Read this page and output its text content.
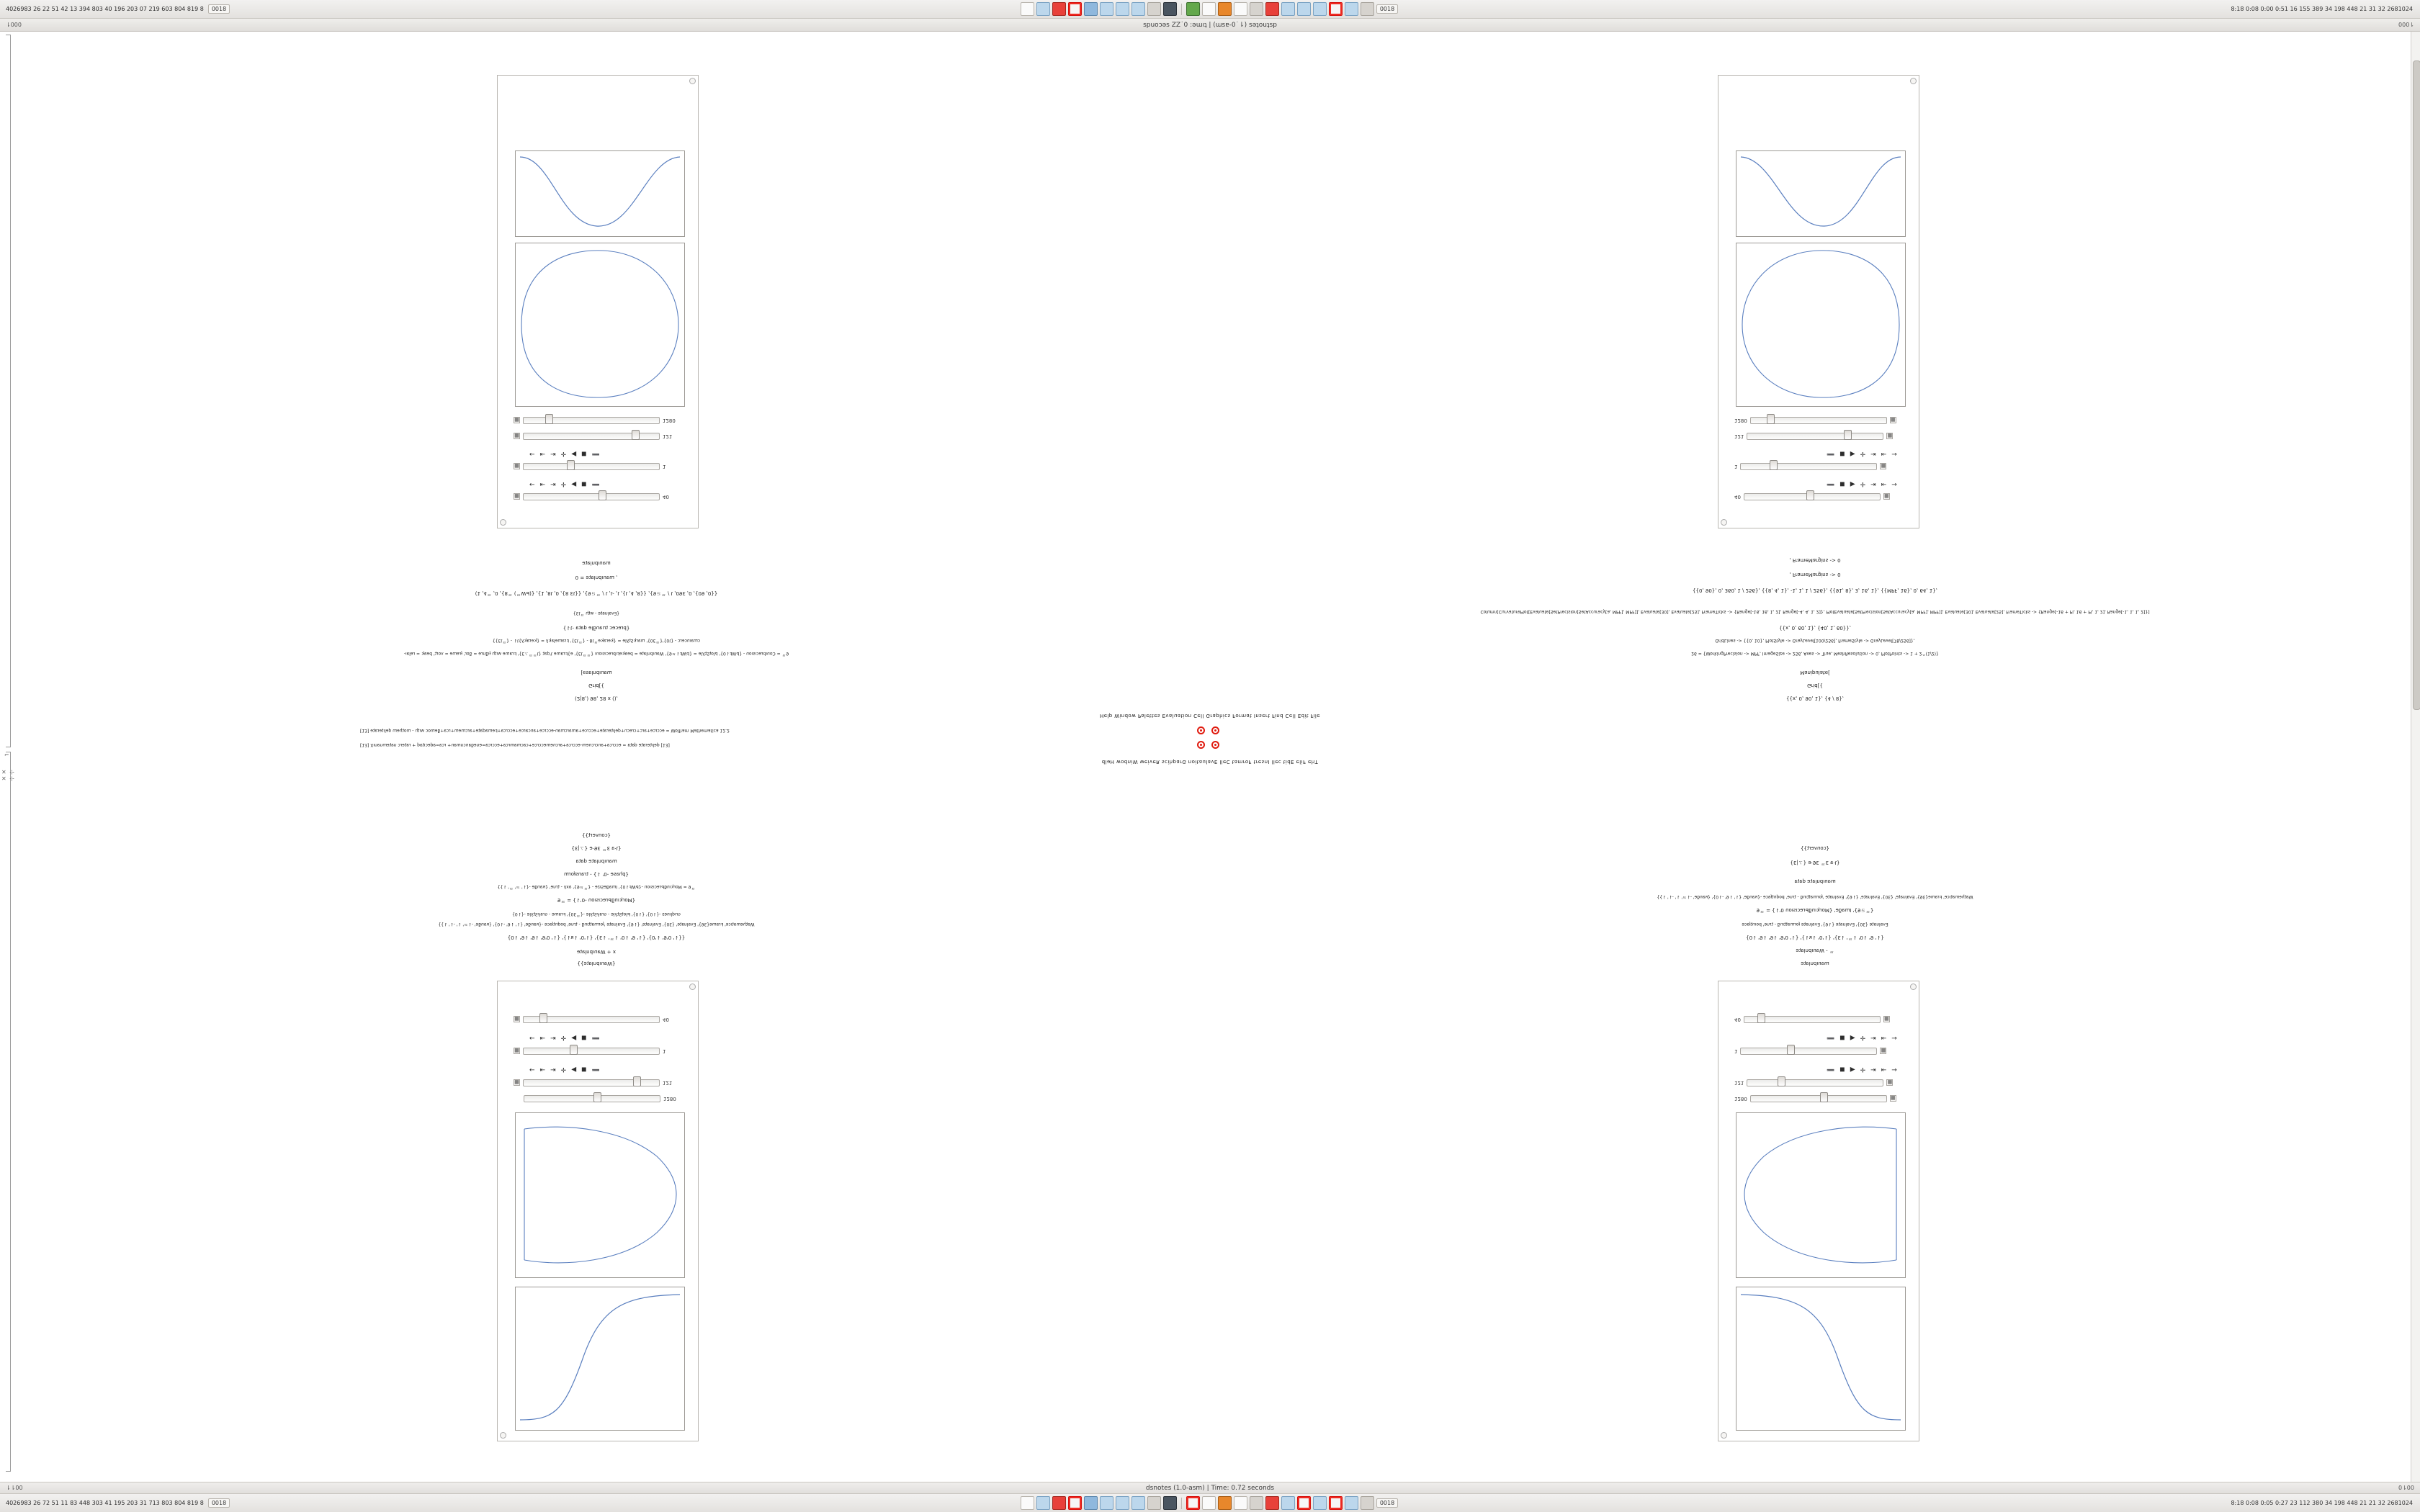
4026983 26 22 51 42 13 394 803 40 196 203 07 219 603 804 819 8	0018	0018	8:18 0:08 0:00 0:51 16 155 389 34 198 448 21 31 32 2681024
⇂000	spuoɔǝs ZZ˙0 :ǝɯıʇ | (ɯsɐ-0˙⇂) sǝʇouʇsp	000⇂
✕ ⊹
✕ ⊹
⌐
▦	40
← ⇤ ⇥ ✛ ◀ ◼ ➖
▦	1
← ⇤ ⇥ ✛ ◀ ◼ ➖
▦	121
▦	1280
40	▦
➖ ◼ ▶ ✛ ⇥ ⇤ →
1	▦
➖ ◼ ▶ ✛ ⇥ ⇤ →
121	▦
1280	▦
1280
▦	121
← ⇤ ⇥ ✛ ◀ ◼ ➖
▦	1
← ⇤ ⇥ ✛ ◀ ◼ ➖
▦	40
1280	▦
121	▦
➖ ◼ ▶ ✛ ⇥ ⇤ →
1	▦
➖ ◼ ▶ ✛ ⇥ ⇤ →
40	▦
{{ǝʇɐlndıuɐW}
ǝʇɐlndıuɐW + x
{0⇂ '9⇂ '9⇂ '9'0 '⇂} '{⇂ᴚ⇂ '0'⇂} '{Ɛ⇂ 'ᄅ⇂ '0⇂ '9 '⇂} '{0'⇂ '9'0 '⇂}}
{{⇂ '⇂- '⇂ 'ㄹ⇂- 'ǝƃuɐᴚ} '{0⇂- '9⇂ '⇂} 'ǝƃuɐᴚ}- ǝɔɐɟʇupod 'ǝnɹʇ - ƃuıʇʇɐɯɹoɟ' ǝʇɐnlɐʌƎ '{9⇂} 'ǝʇɐnlɐʌƎ '{0Ɛ} 'ǝʇɐnlɐʌƎ '{9Ɛ}ǝɯɐɹℲ 'ǝɔıʇɐɯǝɥʇɐW
{0⇂}- ǝlʎʇSʎɐɹפ - ǝɯɐɹℲ '{0Ɛᄅ}- ǝlʎʇSʎɐɹפ - ǝlʎʇSʇolԀ '{0⇂} '{0⇂}- sǝuılpıɹפ
9ᄅ = {⇂'0- uoısıɔǝɹԀƃuıʞɹoM}
{{⇂ 'ᄅ 'ㄹ '⇂}- ǝƃuɐᴚ} 'ǝnɹʇ - ʎxɐ '{9ㄹᄅ} - ǝzıSǝƃɐɯI '{0⇂ℲWԀ}- uoısıɔǝɹԀƃuıʞɹoM = 9ᄅ
ɯɹoɟsuɐɹʇ - {⇂ '0- ǝsɐɥd}
ɐʇɐp ǝʇɐlndıuɐɯ
{Ɛ|ㄥ} ǝ·9Ɛ ᄅƐ ɐ·Ɩ}
{{ʇɹǝʌuoɔ}
ǝʇɐlndıuɐɯ
ǝʇɐlndıuɐW - ᄅ
{0⇂ '9⇂ '9⇂ '9'0 '⇂} '{⇂ᴚ⇂ '0'⇂} '{Ɛ⇂ 'ᄅ⇂ '0⇂ '9 '⇂}
ǝɔɐɟʇuıod 'ǝnɹʇ - ƃuıʇʇɐɯɹoɟ ǝʇɐnlɐʌƎ '{9⇂} ǝʇɐnlɐʌƎ '{0Ɛ} ǝʇɐnlɐʌƎ
9ᄅ = {⇂'0 uoısıɔǝɹԀƃuıʞɹoM} 'ǝƃɐɯI '{9ㄹᄅ}
{{⇂ '⇂- '⇂ 'ㄹ⇂- 'ǝƃuɐᴚ} '{0⇂- '9⇂ '⇂} 'ǝƃuɐᴚ}- ǝɔɐɟʇupod 'ǝnɹʇ - ƃuıʇʇɐɯɹoɟ' ǝʇɐnlɐʌƎ '{9⇂} 'ǝʇɐnlɐʌƎ '{0Ɛ} 'ǝʇɐnlɐʌƎ '{9Ɛ}ǝɯɐɹℲ 'ǝɔıʇɐɯǝɥʇɐW
ɐʇɐp ǝʇɐlndıuɐɯ
{Ɛ|ㄥ} ǝ·9Ɛ ᄅƐ ɐ·Ɩ}
{{ʇɹǝʌuoɔ}
dləH wodniW weiveR scihparG noitaulavE lleC tamroF tresnI llec tidE eliF ehT
[13] Xınɐnɯǝʇɐn ɔɹǝʇɐɹ + pɐʇıɔǝpɐ=ɐɔɹ +uɐɯnɔuɐƃǝnǝ=ɐɔɹɔɔǝ+ɐɔɹɯɐɯɔɐɔ+ǝɔɹɔɔǝɯǝuɔɹɐ+ɐɔɹɔɔǝ-ɯǝuɔɹɔuɐ+ɐɔɹɔɔǝ = ɐʇɐp ǝʇɐɹǝʇılǝp [13]
[13] ǝʇɐɹǝʇılǝp ɯǝɥʇoɯ - ɥʇıʍ ɔoɯǝƃ+ɐɔɹ+ɯǝɯɔɹɐ+ǝʇɐpɐɯǝℲ+ɐɔɹɔɔǝ+ǝɔɹɐɔuɐ+ǝɔɹɔɔǝ-uɐɯɔɹɐɯɐ+ǝɔɹɔɔǝ+ǝʇɐɹǝʇılǝp+uɔǝɹɔ+ɔɹɐ+ǝɔɹɔɔǝ = Wolfram Mathematica 12.2
Help Window Palettes Evaluation Cell Graphics Format Insert Find Cell Edit File
(2|8,) 98, 28 x (),
Grid[{
[esɐlndıuɐɯ
-ıɐlǝɹ = ʞɐǝd 'ʇɹoʌ = ǝɯǝɹɟ 'ɹoƃ = ǝɹnƃıɟ ɥʇıʍ ǝɯɐɹℲ '{ƐㄥᄅᄅƖ} ʇɐp'Ɩ ǝɯɐɹℲ{ǝ '{ƐƖᄅᄅ} ıuoısıɔǝɹdıℲǝʞɐǝd = ǝʇɐlndıuɐW '{9ㄹ⇂ℲWԀ} = ǝlʎʇSʇolԀ '{0⇂ℲWԀ} - uoısıɔǝɹdıuoƆ = ᄅ9
{{ƐƖᄅ} - ⇂Ɩ{ʎʞɐɹǝʞ} = ʎʞɐlǝɯɐɹℲ '{ƐƖᄅ} - 8Ɩᄅǝʞɐɹǝʞ} = ǝlʎʇSʞɹɐɯ '{0Ɛᄅ}'{0Ɩ} - ɔɹǝɔuıɐɯɔ
{⇂Ɩ- ɐʇɐp ǝlƃuɐıɹʇ ɔǝɔǝɹd}
{ƐƖᄅ ɥʇʍ - ǝʇɐnlɐʌƎ}
(1 ,4ᄅ ,0 ,{8ᄅ (ᄅWԀ)} ,{1 ,8Ɩ ,0 ,{8 ƐƖ}} ,{9ㄹᄅ / Ɩ ,Ɩ- ,Ɩ ,{Ɩ ,4 ,8}} ,{9ㄹᄅ / Ɩ ,09Ɛ ,0 ,{09 ,0}}
0 = ǝʇɐlndıuɐɯ ,
ǝʇɐlndıuɐɯ
{{x, 0, 90, 1}, {4 / 8},
Grid[{
Manipulate[
26 = {WorkingPrecision -> MPF, ImageSize -> 256, Axes -> True, MeshResolution -> 0, PlotPoints -> 1 + 2^(1/2)}
GridLines -> {{0, 10}, PlotStyle -> GrayLevel[100/256], FrameStyle -> GrayLevel[78/256]},
{{x, 0, 60, 1}, {40, 1, 60}},
Column[CurvaturePlot[Evaluate[SetPrecision[SetAccuracy[a, MPF], MPF]], Evaluate[30], Evaluate[25], FrameTicks -> {Range[-16, 16, 1, 2], Range[-4, 4, 1, 2]}, PlotEvaluate[SetPrecision[SetAccuracy[a, MPF], MPF]], Evaluate[30], Evaluate[25], FrameTicks -> {Range[-16 + Pi, 16 + Pi, 1, 2], Range[-1, 1, 1, 2]}]
{{0, 90}, 0, 360, 1 / 256}, {{8, 4, 1}, -1, 1, 1 / 256}, {{91, 8}, 3, 16, 1}, {{MPF, 16}, 0, 64, 1},
, FrameMargins -> 0
, FrameMargins -> 0
⇂⇂00	dsnotes (1.0-asm) | Time: 0.72 seconds	0⇂00
4026983 26 72 51 11 83 448 303 41 195 203 31 713 803 804 819 8	0018	0018	8:18 0:08 0:05 0:27 23 112 380 34 198 448 21 21 32 2681024
